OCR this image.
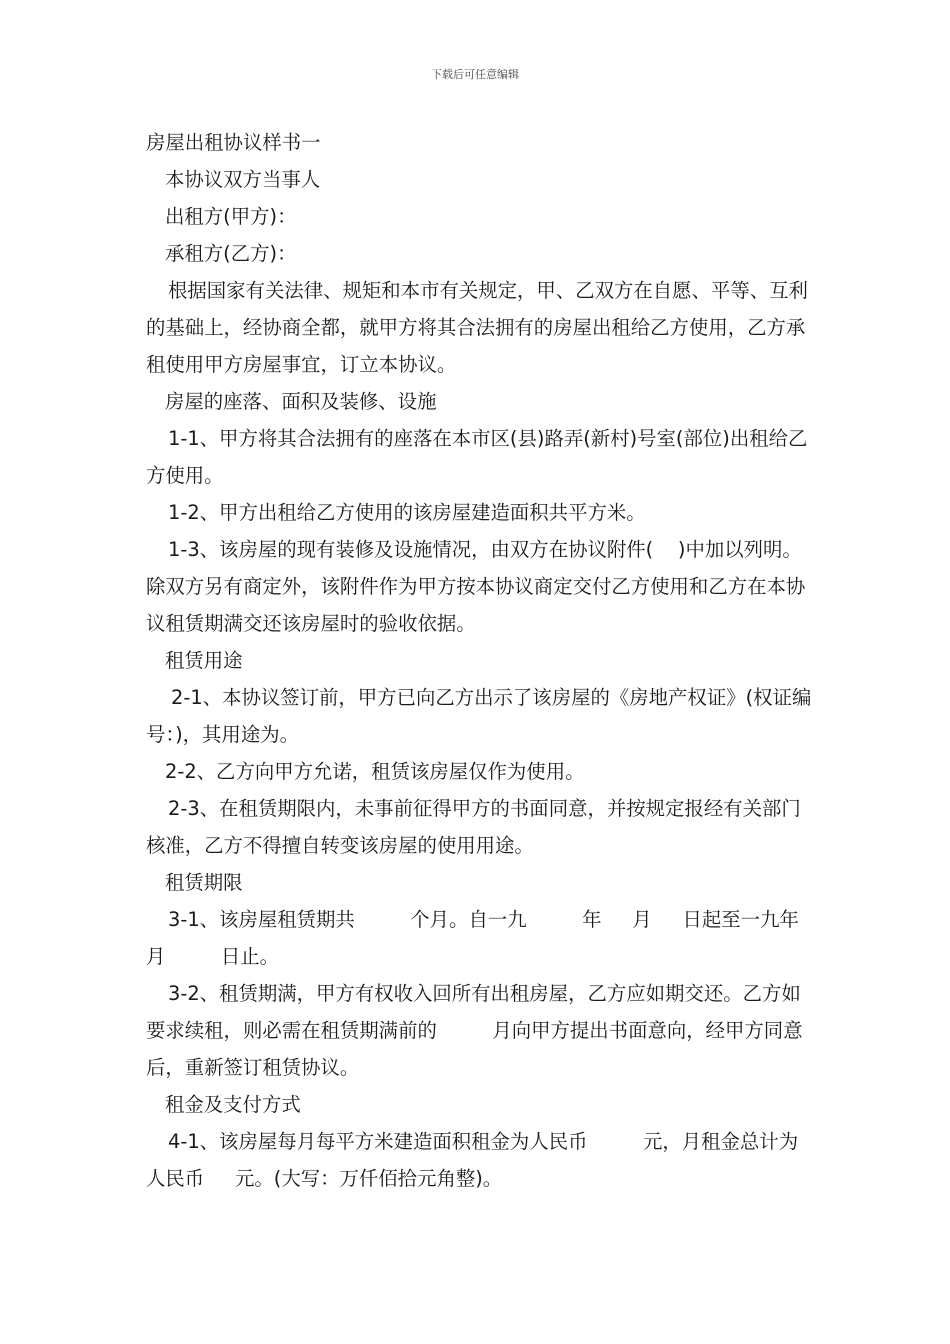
下载后可任意编辑

房屋出租协议样书一

本协议双方当事人

出租方(甲方)：

承租方(乙方)：

根据国家有关法律、规矩和本市有关规定，甲、乙双方在自愿、平等、互利的基础上，经协商全都，就甲方将其合法拥有的房屋出租给乙方使用，乙方承租使用甲方房屋事宜，订立本协议。

房屋的座落、面积及装修、设施

1-1、甲方将其合法拥有的座落在本市区(县)路弄(新村)号室(部位)出租给乙方使用。

1-2、甲方出租给乙方使用的该房屋建造面积共平方米。

1-3、该房屋的现有装修及设施情况，由双方在协议附件(    )中加以列明。除双方另有商定外，该附件作为甲方按本协议商定交付乙方使用和乙方在本协议租赁期满交还该房屋时的验收依据。

租赁用途

2-1、本协议签订前，甲方已向乙方出示了该房屋的《房地产权证》(权证编号：)，其用途为。

2-2、乙方向甲方允诺，租赁该房屋仅作为使用。

2-3、在租赁期限内，未事前征得甲方的书面同意，并按规定报经有关部门核准，乙方不得擅自转变该房屋的使用用途。

租赁期限

3-1、该房屋租赁期共         个月。自一九         年     月     日起至一九年         月         日止。

3-2、租赁期满，甲方有权收入回所有出租房屋，乙方应如期交还。乙方如要求续租，则必需在租赁期满前的         月向甲方提出书面意向，经甲方同意后，重新签订租赁协议。

租金及支付方式

4-1、该房屋每月每平方米建造面积租金为人民币         元，月租金总计为人民币     元。(大写：万仟佰拾元角整)。
